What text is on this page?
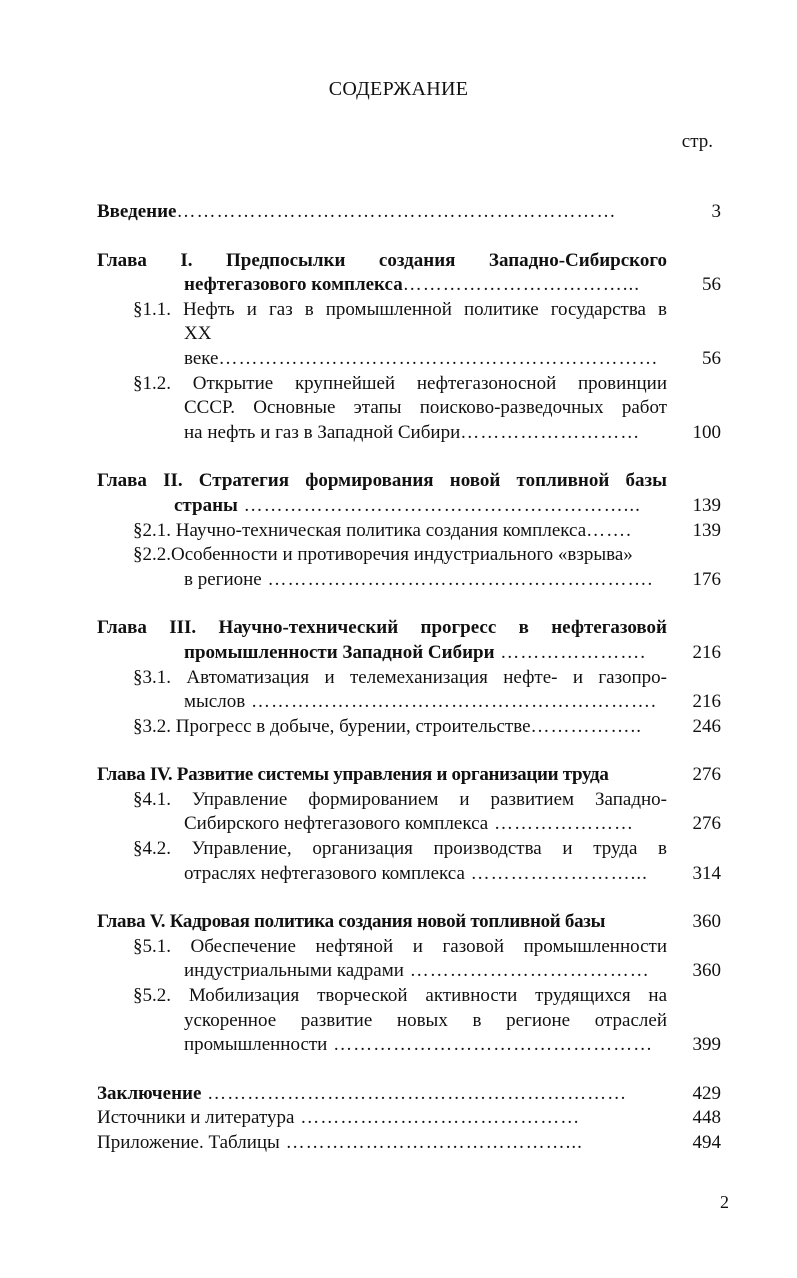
СОДЕРЖАНИЕ
стр.
Введение…………………………………………………………	3
Глава I. Предпосылки создания Западно-Сибирского
нефтегазового комплекса……………………………...	56
§1.1. Нефть и газ в промышленной политике государства в
XX веке…………………………………………………………	56
§1.2. Открытие крупнейшей нефтегазоносной провинции
СССР. Основные этапы поисково-разведочных работ
на нефть и газ в Западной Сибири………………………	100
Глава II. Стратегия формирования новой топливной базы
страны …………………………………………………...	139
§2.1. Научно-техническая политика создания комплекса…….	139
§2.2.Особенности и противоречия индустриального «взрыва»
в регионе ………………………………………………….	176
Глава III. Научно-технический прогресс в нефтегазовой
промышленности Западной Сибири ………………….	216
§3.1. Автоматизация и телемеханизация нефте- и газопро-
мыслов …………………………………………………….	216
§3.2. Прогресс в добыче, бурении, строительстве……………..	246
Глава IV. Развитие системы управления и организации труда	276
§4.1. Управление формированием и развитием Западно-
Сибирского нефтегазового комплекса …………………	276
§4.2. Управление, организация производства и труда в
отраслях нефтегазового комплекса ……………………...	314
Глава V. Кадровая политика создания новой топливной базы	360
§5.1. Обеспечение нефтяной и газовой промышленности
индустриальными кадрами ………………………………	360
§5.2. Мобилизация творческой активности трудящихся на
ускоренное развитие новых в регионе отраслей
промышленности …………………………………………	399
Заключение ………………………………………………………	429
Источники и литература ……………………………………	448
Приложение. Таблицы ……………………………………...	494
2
